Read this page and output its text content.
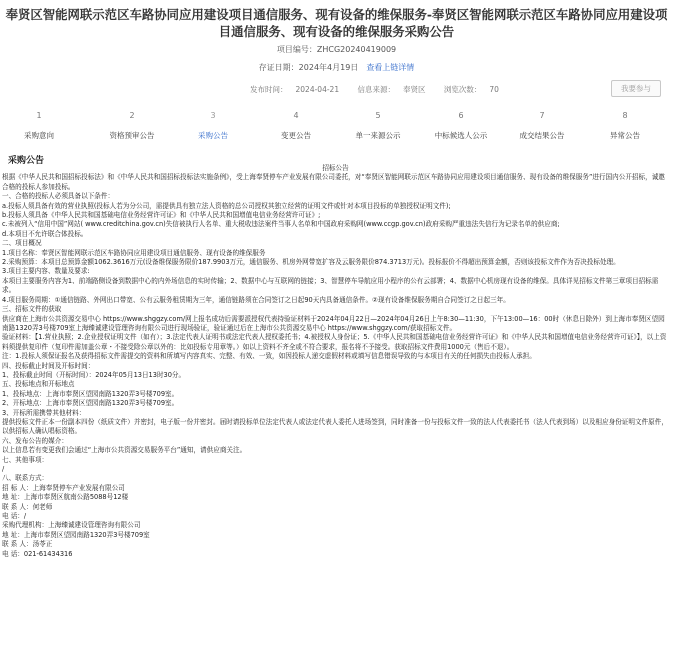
奉贤区智能网联示范区车路协同应用建设项目通信服务、现有设备的维保服务-奉贤区智能网联示范区车路协同应用建设项目通信服务、现有设备的维保服务采购公告
项目编号：ZHCG20240419009
存证日期：2024年4月19日 查看上链详情
发布时间： 2024-04-21 信息来源： 奉贤区 浏览次数： 70	我要参与
1
采购意向
2
资格预审公告
3
采购公告
4
变更公告
5
单一来源公示
6
中标候选人公示
7
成交结果公告
8
异常公告
采购公告

招标公告

根据《中华人民共和国招标投标法》和《中华人民共和国招标投标法实施条例》，受上海奉贤停车产业发展有限公司委托，对“奉贤区智能网联示范区车路协同应用建设项目通信服务、现有设备的维保服务”进行国内公开招标，诚邀合格的投标人参加投标。

一、合格的投标人必须具备以下条件：

a.投标人须具备有效的营业执照(投标人若为分公司，需提供具有独立法人资格的总公司授权其独立经营的证明文件或针对本项目投标的单独授权证明文件);

b.投标人须具备《中华人民共和国基础电信业务经营许可证》和《中华人民共和国增值电信业务经营许可证》;

c.未被列入“信用中国”网站( www.creditchina.gov.cn)失信被执行人名单、重大税收违法案件当事人名单和中国政府采购网(www.ccgp.gov.cn)政府采购严重违法失信行为记录名单的供应商;

d.本项目不允许联合体投标。

二、项目概况

1.项目名称：奉贤区智能网联示范区车路协同应用建设项目通信服务、现有设备的维保服务

2.采购预算：本项目总预算金额1062.3616万元(设备维保服务限价187.9903万元，通信服务、机房外网带宽扩容及云服务限价874.3713万元)。投标报价不得超出预算金额，否则该投标文件作为否决投标处理。

3.项目主要内容、数量及要求:

本项目主要服务内容为1、前端路侧设备到数据中心的内外场信息的实时传输；2、数据中心与互联网的链接；3、智慧停车导航应用小程序的公有云部署；4、数据中心机房现有设备的维保。具体详见招标文件第三章项目招标需求。

4.项目服务周期：①通信链路、外网出口带宽、公有云服务租赁期为三年，通信链路须在合同签订之日起90天内具备通信条件。②现有设备维保服务期自合同签订之日起三年。

三、招标文件的获取

供应商在上海市公共资源交易中心 https://www.shggzy.com/网上报名成功后需要派授权代表持验证材料于2024年04月22日—2024年04月26日上午8:30—11:30，下午13:00—16：00时（休息日除外）到上海市奉贤区望园南路1320弄3号楼709室上海臻诚建设管理咨询有限公司进行现场验证，验证通过后在上海市公共资源交易中心 https://www.shggzy.com/获取招标文件。

验证材料：【1.营业执照；2.企业授权证明文件（如有）；3.法定代表人证明书或法定代表人授权委托书；4.被授权人身份证；5.《中华人民共和国基础电信业务经营许可证》和《中华人民共和国增值电信业务经营许可证》】，以上资料须提供复印件（复印件需加盖公章・不接受除公章以外的：比如投标专用章等。）如以上资料不齐全或不符合要求，报名将不予接受。获取招标文件费用1000元（售后不退）。

注：1.投标人须保证报名及获得招标文件需提交的资料和所填写内容真实、完整、有效、一致，如因投标人递交虚假材料或填写信息错误导致的与本项目有关的任何损失由投标人承担。

四、投标截止时间及开标时间：

1、投标截止时间（开标时间）：2024年05月13日13时30分。

五、投标地点和开标地点

1、投标地点：上海市奉贤区望园南路1320弄3号楼709室。

2、开标地点：上海市奉贤区望园南路1320弄3号楼709室。

3、开标所需携带其他材料：

提供投标文件正本一份副本四份（纸质文件）并密封，电子版一份并密封。届时请投标单位法定代表人或法定代表人委托人进场签到，同时准备一份与投标文件一致的法人代表委托书（法人代表到场）以及相应身份证明文件原件，以供招标人确认唱标资格。

六、发布公告的媒介：

以上信息若有变更我们会通过“上海市公共资源交易服务平台”通知，请供应商关注。

七、其他事项：

/

八、联系方式：

招 标 人：上海奉贤停车产业发展有限公司

地 址：上海市奉贤区航南公路5088号12楼

联 系 人：何老师

电 话：/

采购代理机构：上海臻诚建设管理咨询有限公司

地 址：上海市奉贤区望园南路1320弄3号楼709室

联 系 人：汤苓正

电 话：021-61434316
